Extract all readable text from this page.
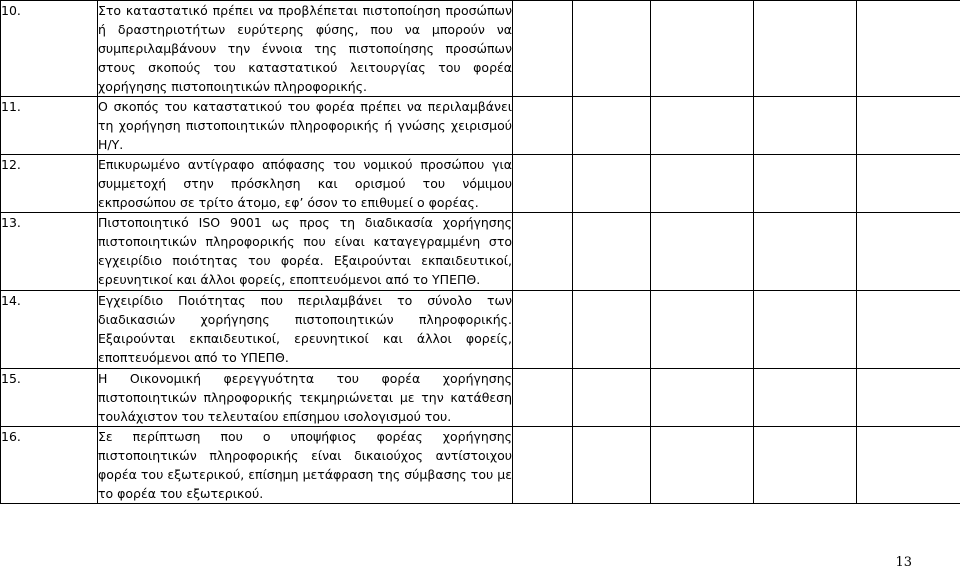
10.	Στο καταστατικό πρέπει να προβλέπεται πιστοποίηση προσώπων ή δραστηριοτήτων ευρύτερης φύσης, που να μπορούν να συμπεριλαμβάνουν την έννοια της πιστοποίησης προσώπων στους σκοπούς του καταστατικού λειτουργίας του φορέα χορήγησης πιστοποιητικών πληροφορικής.					
11.	Ο σκοπός του καταστατικού του φορέα πρέπει να περιλαμβάνει τη χορήγηση πιστοποιητικών πληροφορικής ή γνώσης χειρισμού Η/Υ.					
12.	Επικυρωμένο αντίγραφο απόφασης του νομικού προσώπου για συμμετοχή στην πρόσκληση και ορισμού του νόμιμου εκπροσώπου σε τρίτο άτομο, εφ’ όσον το επιθυμεί ο φορέας.					
13.	Πιστοποιητικό ISO 9001 ως προς τη διαδικασία χορήγησης πιστοποιητικών πληροφορικής που είναι καταγεγραμμένη στο εγχειρίδιο ποιότητας του φορέα. Εξαιρούνται εκπαιδευτικοί, ερευνητικοί και άλλοι φορείς, εποπτευόμενοι από το ΥΠΕΠΘ.					
14.	Εγχειρίδιο Ποιότητας που περιλαμβάνει το σύνολο των διαδικασιών χορήγησης πιστοποιητικών πληροφορικής. Εξαιρούνται εκπαιδευτικοί, ερευνητικοί και άλλοι φορείς, εποπτευόμενοι από το ΥΠΕΠΘ.					
15.	Η Οικονομική φερεγγυότητα του φορέα χορήγησης πιστοποιητικών πληροφορικής τεκμηριώνεται με την κατάθεση τουλάχιστον του τελευταίου επίσημου ισολογισμού του.					
16.	Σε περίπτωση που ο υποψήφιος φορέας χορήγησης πιστοποιητικών πληροφορικής είναι δικαιούχος αντίστοιχου φορέα του εξωτερικού, επίσημη μετάφραση της σύμβασης του με το φορέα του εξωτερικού.					
13
